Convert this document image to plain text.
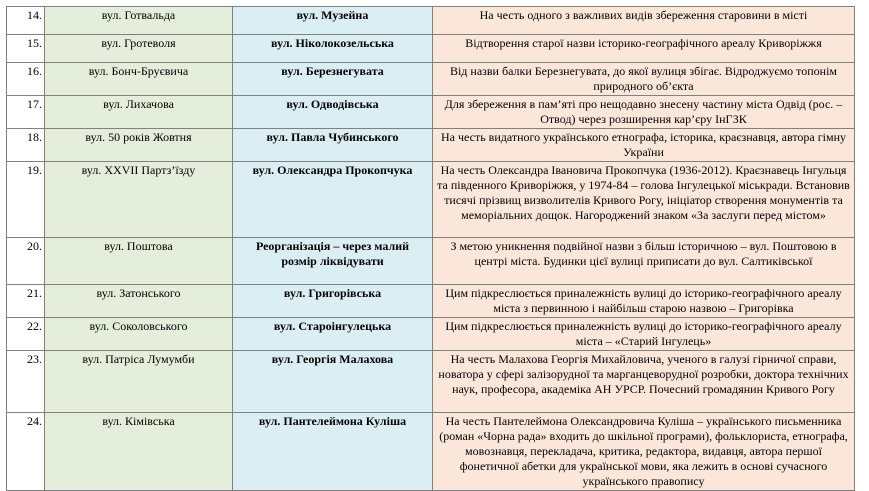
14.	вул. Готвальда	вул. Музейна	На честь одного з важливих видів збереження старовини в місті
15.	вул. Гротеволя	вул. Ніколокозельська	Відтворення старої назви історико-географічного ареалу Криворіжжя
16.	вул. Бонч-Бруєвича	вул. Березнегувата	Від назви балки Березнегувата, до якої вулиця збігає. Відроджуємо топонім природного об’єкта
17.	вул. Лихачова	вул. Одводівська	Для збереження в пам’яті про нещодавно знесену частину міста Одвід (рос. – Отвод) через розширення кар’єру ІнГЗК
18.	вул. 50 років Жовтня	вул. Павла Чубинського	На честь видатного українського етнографа, історика, краєзнавця, автора гімну України
19.	вул. XXVII Партз’їзду	вул. Олександра Прокопчука	На честь Олександра Івановича Прокопчука (1936-2012). Краєзнавець Інгульця та південного Криворіжжя, у 1974-84 – голова Інгулецької міськради. Встановив тисячі прізвищ визволителів Кривого Рогу, ініціатор створення монументів та меморіальних дощок. Нагороджений знаком «За заслуги перед містом»
20.	вул. Поштова	Реорганізація – через малий розмір ліквідувати	З метою уникнення подвійної назви з більш історичною – вул. Поштовою в центрі міста. Будинки цієї вулиці приписати до вул. Салтиківської
21.	вул. Затонського	вул. Григорівська	Цим підкреслюється приналежність вулиці до історико-географічного ареалу міста з первинною і найбільш старою назвою – Григорівка
22.	вул. Соколовського	вул. Староінгулецька	Цим підкреслюється приналежність вулиці до історико-географічного ареалу міста – «Старий Інгулець»
23.	вул. Патріса Лумумби	вул. Георгія Малахова	На честь Малахова Георгія Михайловича, ученого в галузі гірничої справи, новатора у сфері залізорудної та марганцеворудної розробки, доктора технічних наук, професора, академіка АН УРСР. Почесний громадянин Кривого Рогу
24.	вул. Кімівська	вул. Пантелеймона Куліша	На честь Пантелеймона Олександровича Куліша – українського письменника (роман «Чорна рада» входить до шкільної програми), фольклориста, етнографа, мовознавця, перекладача, критика, редактора, видавця, автора першої фонетичної абетки для української мови, яка лежить в основі сучасного українського правопису
